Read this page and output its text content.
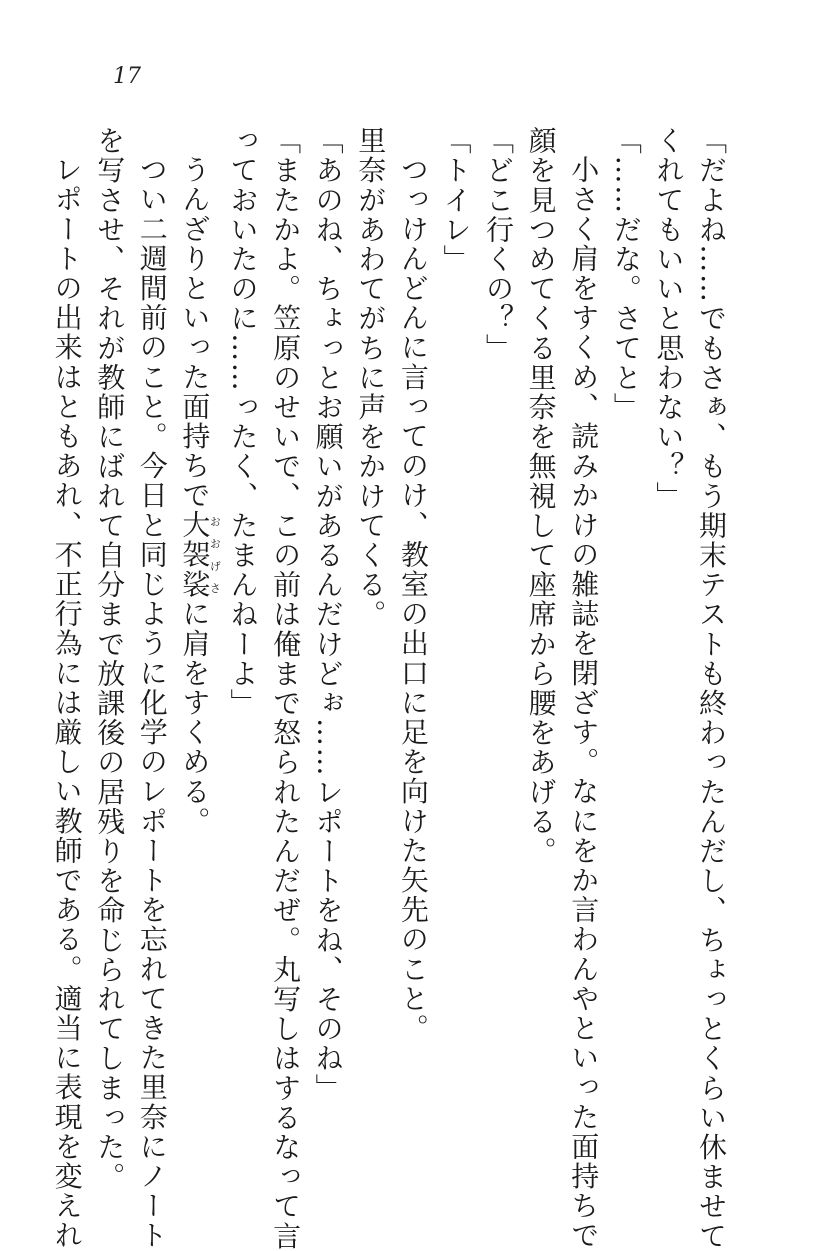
17
「だよね……でもさぁ、もう期末テストも終わったんだし、ちょっとくらい休ませて
くれてもいいと思わない？」
「……だな。さてと」
小さく肩をすくめ、読みかけの雑誌を閉ざす。なにをか言わんやといった面持ちで
顔を見つめてくる里奈を無視して座席から腰をあげる。
「どこ行くの？」
「トイレ」
つっけんどんに言ってのけ、教室の出口に足を向けた矢先のこと。
里奈があわてがちに声をかけてくる。
「あのね、ちょっとお願いがあるんだけどぉ……レポートをね、そのね」
「またかよ。笠原のせいで、この前は俺まで怒られたんだぜ。丸写しはするなって言
っておいたのに……ったく、たまんねーよ」
うんざりといった面持ちで大袈裟おおげさに肩をすくめる。
つい二週間前のこと。今日と同じように化学のレポートを忘れてきた里奈にノート
を写させ、それが教師にばれて自分まで放課後の居残りを命じられてしまった。
レポートの出来はともあれ、不正行為には厳しい教師である。適当に表現を変えれ
